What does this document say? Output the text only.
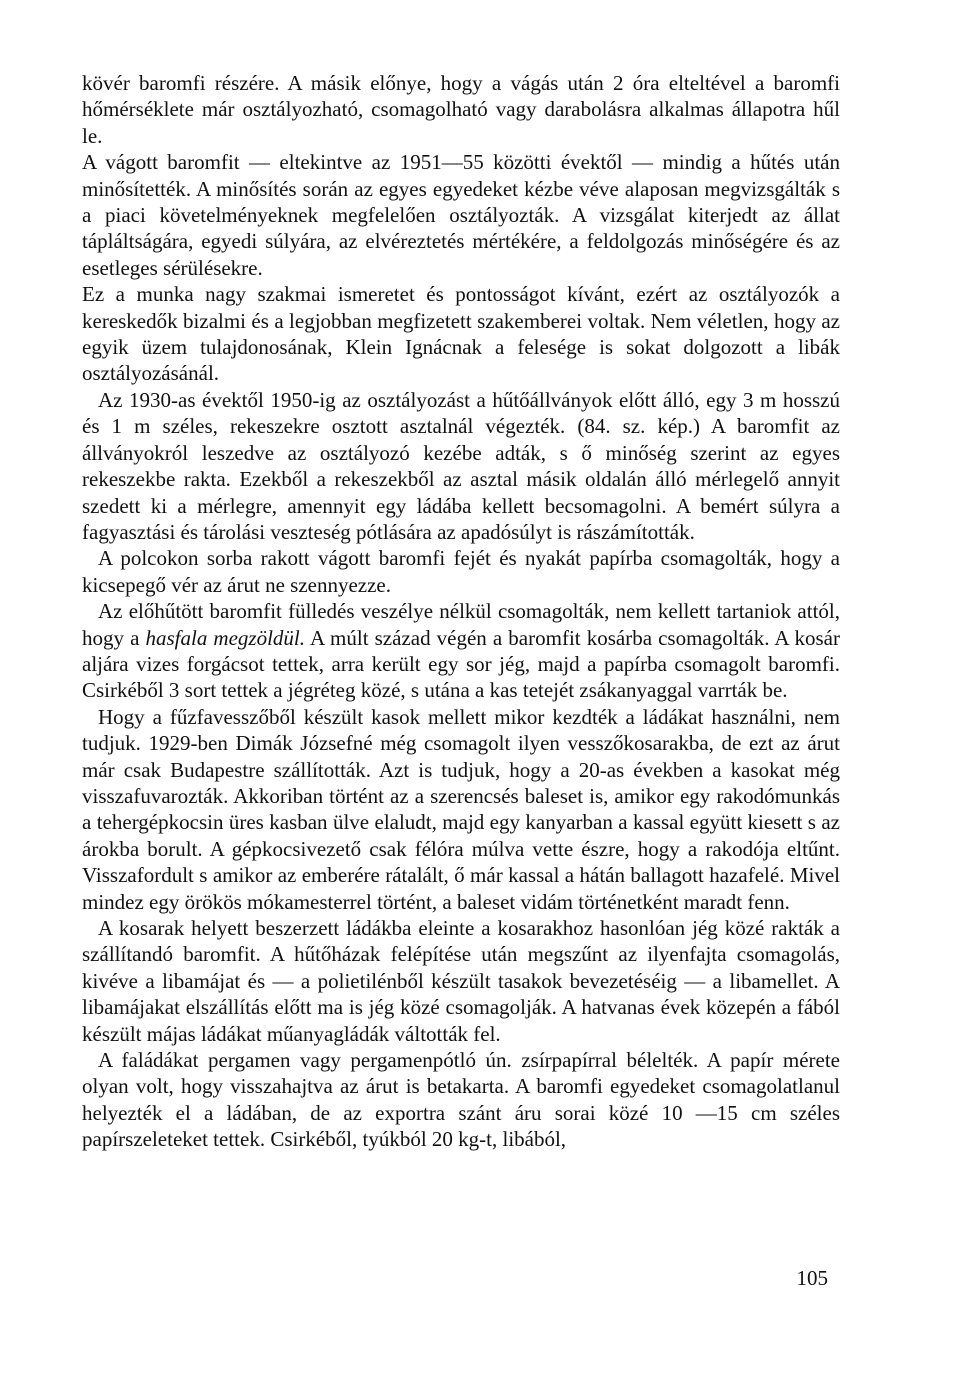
kövér baromfi részére. A másik előnye, hogy a vágás után 2 óra elteltével a baromfi hőmérséklete már osztályozható, csomagolható vagy darabolásra alkalmas állapotra hűl le.

A vágott baromfit — eltekintve az 1951—55 közötti évektől — mindig a hűtés után minősítették. A minősítés során az egyes egyedeket kézbe véve alaposan megvizsgálták s a piaci követelményeknek megfelelően osztályozták. A vizsgálat kiterjedt az állat tápláltságára, egyedi súlyára, az elvéreztetés mértékére, a feldolgozás minőségére és az esetleges sérülésekre.

Ez a munka nagy szakmai ismeretet és pontosságot kívánt, ezért az osztályozók a kereskedők bizalmi és a legjobban megfizetett szakemberei voltak. Nem véletlen, hogy az egyik üzem tulajdonosának, Klein Ignácnak a felesége is sokat dolgozott a libák osztályozásánál.

Az 1930-as évektől 1950-ig az osztályozást a hűtőállványok előtt álló, egy 3 m hosszú és 1 m széles, rekeszekre osztott asztalnál végezték. (84. sz. kép.) A baromfit az állványokról leszedve az osztályozó kezébe adták, s ő minőség szerint az egyes rekeszekbe rakta. Ezekből a rekeszekből az asztal másik oldalán álló mérlegelő annyit szedett ki a mérlegre, amennyit egy ládába kellett becsomagolni. A bemért súlyra a fagyasztási és tárolási veszteség pótlására az apadósúlyt is rászámították.

A polcokon sorba rakott vágott baromfi fejét és nyakát papírba csomagolták, hogy a kicsepegő vér az árut ne szennyezze.

Az előhűtött baromfit fülledés veszélye nélkül csomagolták, nem kellett tartaniok attól, hogy a hasfala megzöldül. A múlt század végén a baromfit kosárba csomagolták. A kosár aljára vizes forgácsot tettek, arra került egy sor jég, majd a papírba csomagolt baromfi. Csirkéből 3 sort tettek a jégréteg közé, s utána a kas tetejét zsákanyaggal varrták be.

Hogy a fűzfavesszőből készült kasok mellett mikor kezdték a ládákat használni, nem tudjuk. 1929-ben Dimák Józsefné még csomagolt ilyen vesszőkosarakba, de ezt az árut már csak Budapestre szállították. Azt is tudjuk, hogy a 20-as években a kasokat még visszafuvarozták. Akkoriban történt az a szerencsés baleset is, amikor egy rakodómunkás a tehergépkocsin üres kasban ülve elaludt, majd egy kanyarban a kassal együtt kiesett s az árokba borult. A gépkocsivezető csak félóra múlva vette észre, hogy a rakodója eltűnt. Visszafordult s amikor az emberére rátalált, ő már kassal a hátán ballagott hazafelé. Mivel mindez egy örökös mókamesterrel történt, a baleset vidám történetként maradt fenn.

A kosarak helyett beszerzett ládákba eleinte a kosarakhoz hasonlóan jég közé rakták a szállítandó baromfit. A hűtőházak felépítése után megszűnt az ilyenfajta csomagolás, kivéve a libamájat és — a polietilénből készült tasakok bevezetéséig — a libamellet. A libamájakat elszállítás előtt ma is jég közé csomagolják. A hatvanas évek közepén a fából készült májas ládákat műanyagládák váltották fel.

A faládákat pergamen vagy pergamenpótló ún. zsírpapírral bélelték. A papír mérete olyan volt, hogy visszahajtva az árut is betakarta. A baromfi egyedeket csomagolatlanul helyezték el a ládában, de az exportra szánt áru sorai közé 10 —15 cm széles papírszeleteket tettek. Csirkéből, tyúkból 20 kg-t, libából,

105
